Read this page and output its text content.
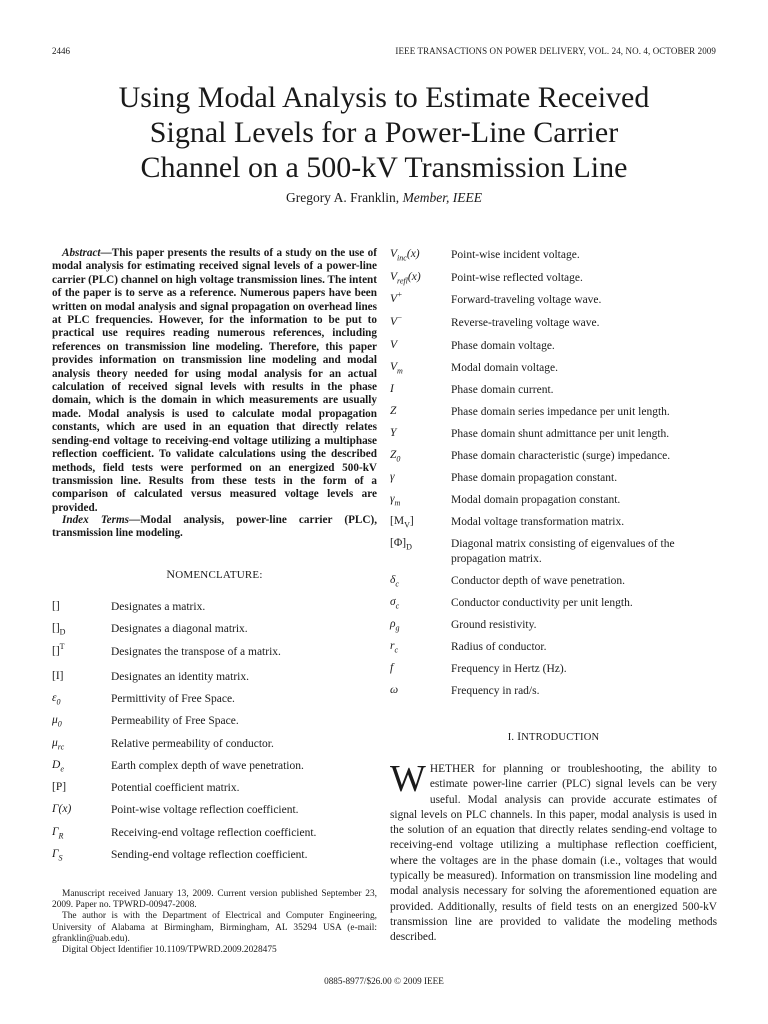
2446	IEEE TRANSACTIONS ON POWER DELIVERY, VOL. 24, NO. 4, OCTOBER 2009
Using Modal Analysis to Estimate Received
Signal Levels for a Power-Line Carrier
Channel on a 500-kV Transmission Line
Gregory A. Franklin, Member, IEEE

Abstract—This paper presents the results of a study on the use of modal analysis for estimating received signal levels of a power-line carrier (PLC) channel on high voltage transmission lines. The intent of the paper is to serve as a reference. Numerous papers have been written on modal analysis and signal propagation on overhead lines at PLC frequencies. However, for the information to be put to practical use requires reading numerous references, including references on transmission line modeling. Therefore, this paper provides information on transmission line modeling and modal analysis theory needed for using modal analysis for an actual calculation of received signal levels with results in the phase domain, which is the domain in which measurements are usually made. Modal analysis is used to calculate modal propagation constants, which are used in an equation that directly relates sending-end voltage to receiving-end voltage utilizing a multiphase reflection coefficient. To validate calculations using the described methods, field tests were performed on an energized 500-kV transmission line. Results from these tests in the form of a comparison of calculated versus measured voltage levels are provided.

Index Terms—Modal analysis, power-line carrier (PLC), transmission line modeling.

NOMENCLATURE:
[]	Designates a matrix.
$[]_D$	Designates a diagonal matrix.
[]$^T$	Designates the transpose of a matrix.
[I]	Designates an identity matrix.
$\varepsilon_0$	Permittivity of Free Space.
$\mu_0$	Permeability of Free Space.
$\mu_{rc}$	Relative permeability of conductor.
$D_e$	Earth complex depth of wave penetration.
[P]	Potential coefficient matrix.
Γ(x)	Point-wise voltage reflection coefficient.
$\Gamma_R$	Receiving-end voltage reflection coefficient.
$\Gamma_S$	Sending-end voltage reflection coefficient.
$V_{inc}(x)$	Point-wise incident voltage.
$V_{refl}(x)$	Point-wise reflected voltage.
V+	Forward-traveling voltage wave.
V−	Reverse-traveling voltage wave.
V	Phase domain voltage.
$V_m$	Modal domain voltage.
I	Phase domain current.
Z	Phase domain series impedance per unit length.
Y	Phase domain shunt admittance per unit length.
$Z_0$	Phase domain characteristic (surge) impedance.
γ	Phase domain propagation constant.
$\gamma_m$	Modal domain propagation constant.
$[M_V]$	Modal voltage transformation matrix.
$[\Phi]_D$	Diagonal matrix consisting of eigenvalues of the propagation matrix.
$\delta_c$	Conductor depth of wave penetration.
$\sigma_c$	Conductor conductivity per unit length.
$\rho_g$	Ground resistivity.
$r_c$	Radius of conductor.
f	Frequency in Hertz (Hz).
ω	Frequency in rad/s.
I. INTRODUCTION

WHETHER for planning or troubleshooting, the ability to estimate power-line carrier (PLC) signal levels can be very useful. Modal analysis can provide accurate estimates of signal levels on PLC channels. In this paper, modal analysis is used in the solution of an equation that directly relates sending-end voltage to receiving-end voltage utilizing a multiphase reflection coefficient, where the voltages are in the phase domain (i.e., voltages that would typically be measured). Information on transmission line modeling and modal analysis necessary for solving the aforementioned equation are provided. Additionally, results of field tests on an energized 500-kV transmission line are provided to validate the modeling methods described.

Manuscript received January 13, 2009. Current version published September 23, 2009. Paper no. TPWRD-00947-2008.

The author is with the Department of Electrical and Computer Engineering, University of Alabama at Birmingham, Birmingham, AL 35294 USA (e-mail: gfranklin@uab.edu).

Digital Object Identifier 10.1109/TPWRD.2009.2028475

0885-8977/$26.00 © 2009 IEEE
